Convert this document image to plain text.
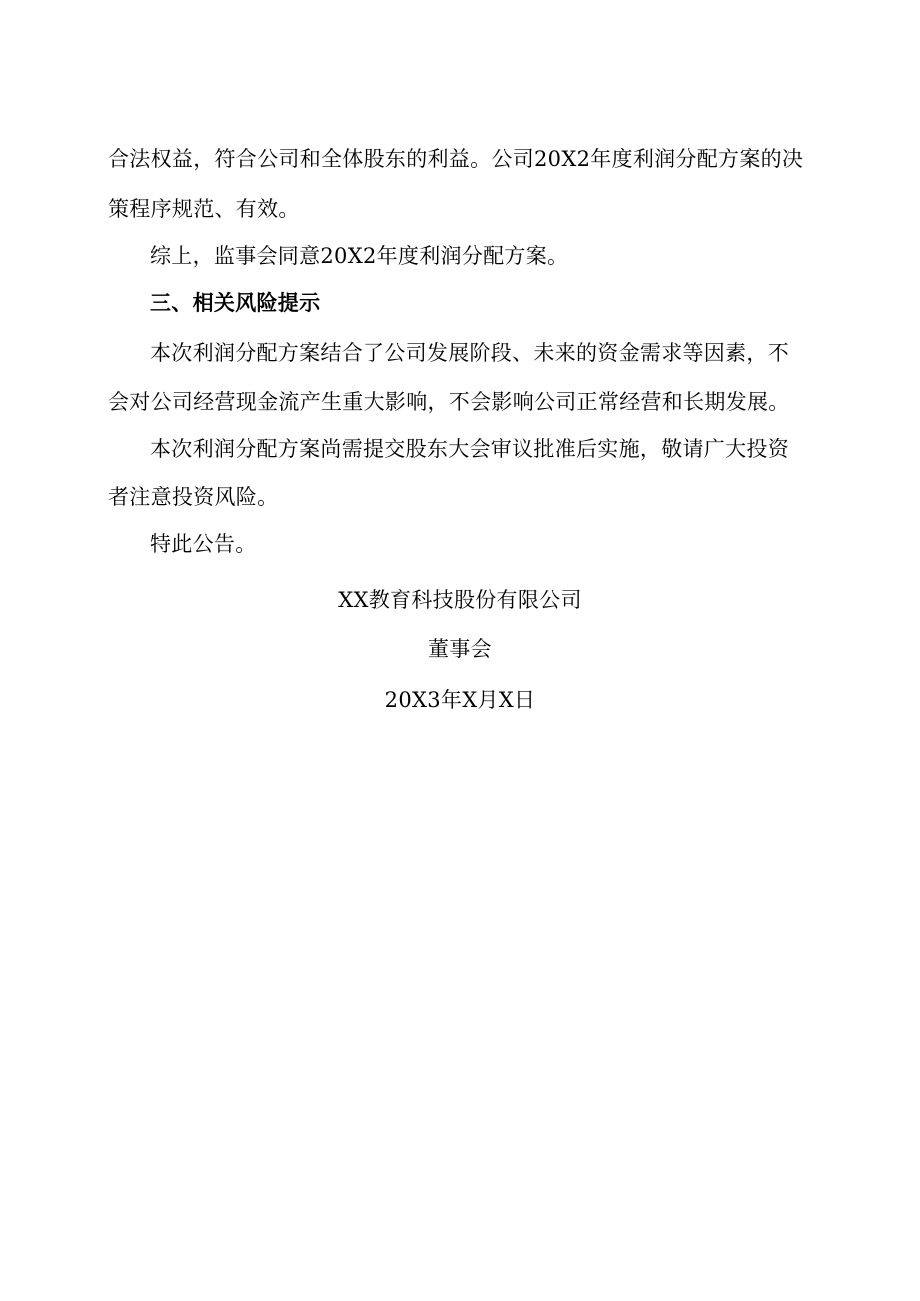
合法权益，符合公司和全体股东的利益。公司20X2年度利润分配方案的决
策程序规范、有效。
综上，监事会同意20X2年度利润分配方案。
三、相关风险提示
本次利润分配方案结合了公司发展阶段、未来的资金需求等因素，不
会对公司经营现金流产生重大影响，不会影响公司正常经营和长期发展。
本次利润分配方案尚需提交股东大会审议批准后实施，敬请广大投资
者注意投资风险。
特此公告。
XX教育科技股份有限公司
董事会
20X3年X月X日
